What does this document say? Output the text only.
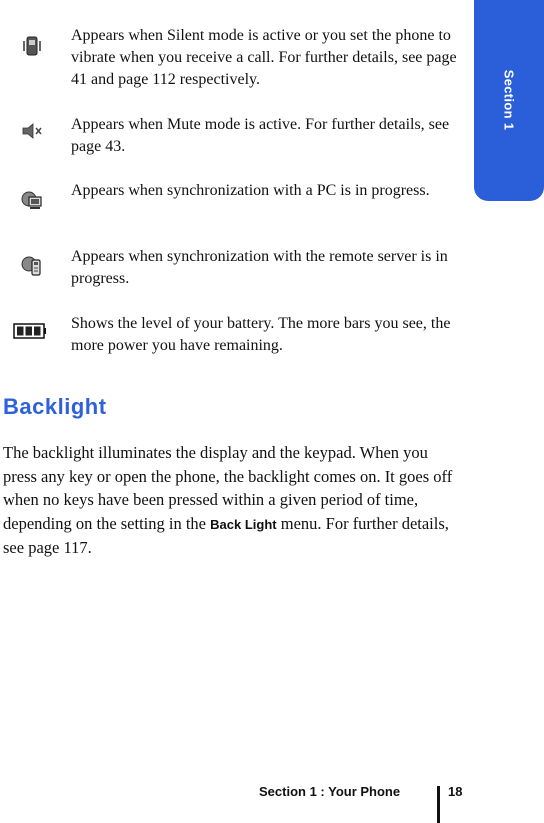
Section 1

Appears when Silent mode is active or you set the phone to vibrate when you receive a call. For further details, see page 41 and page 112 respectively.

Appears when Mute mode is active. For further details, see page 43.

Appears when synchronization with a PC is in progress.

Appears when synchronization with the remote server is in progress.

Shows the level of your battery. The more bars you see, the more power you have remaining.

Backlight

The backlight illuminates the display and the keypad. When you press any key or open the phone, the backlight comes on. It goes off when no keys have been pressed within a given period of time, depending on the setting in the Back Light menu. For further details, see page 117.

Section 1 : Your Phone	18
